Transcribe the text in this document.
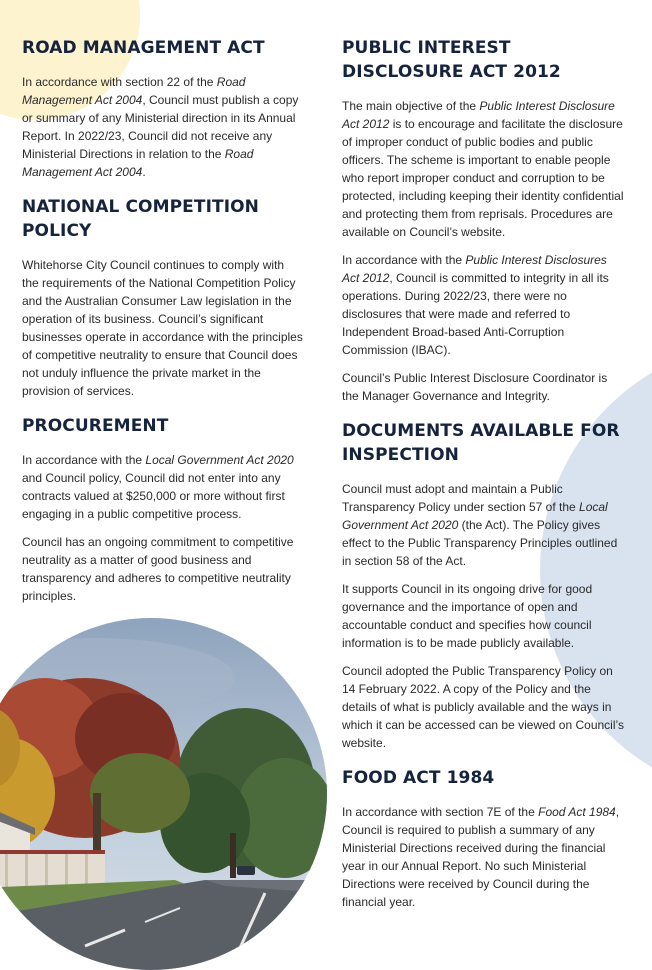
ROAD MANAGEMENT ACT

In accordance with section 22 of the Road Management Act 2004, Council must publish a copy or summary of any Ministerial direction in its Annual Report. In 2022/23, Council did not receive any Ministerial Directions in relation to the Road Management Act 2004.

NATIONAL COMPETITION POLICY

Whitehorse City Council continues to comply with the requirements of the National Competition Policy and the Australian Consumer Law legislation in the operation of its business. Council’s significant businesses operate in accordance with the principles of competitive neutrality to ensure that Council does not unduly influence the private market in the provision of services.

PROCUREMENT

In accordance with the Local Government Act 2020 and Council policy, Council did not enter into any contracts valued at $250,000 or more without first engaging in a public competitive process.

Council has an ongoing commitment to competitive neutrality as a matter of good business and transparency and adheres to competitive neutrality principles.

PUBLIC INTEREST DISCLOSURE ACT 2012

The main objective of the Public Interest Disclosure Act 2012 is to encourage and facilitate the disclosure of improper conduct of public bodies and public officers. The scheme is important to enable people who report improper conduct and corruption to be protected, including keeping their identity confidential and protecting them from reprisals. Procedures are available on Council’s website.

In accordance with the Public Interest Disclosures Act 2012, Council is committed to integrity in all its operations. During 2022/23, there were no disclosures that were made and referred to Independent Broad-based Anti-Corruption Commission (IBAC).

Council’s Public Interest Disclosure Coordinator is the Manager Governance and Integrity.

DOCUMENTS AVAILABLE FOR INSPECTION

Council must adopt and maintain a Public Transparency Policy under section 57 of the Local Government Act 2020 (the Act). The Policy gives effect to the Public Transparency Principles outlined in section 58 of the Act.

It supports Council in its ongoing drive for good governance and the importance of open and accountable conduct and specifies how council information is to be made publicly available.

Council adopted the Public Transparency Policy on 14 February 2022. A copy of the Policy and the details of what is publicly available and the ways in which it can be accessed can be viewed on Council’s website.

FOOD ACT 1984

In accordance with section 7E of the Food Act 1984, Council is required to publish a summary of any Ministerial Directions received during the financial year in our Annual Report. No such Ministerial Directions were received by Council during the financial year.
